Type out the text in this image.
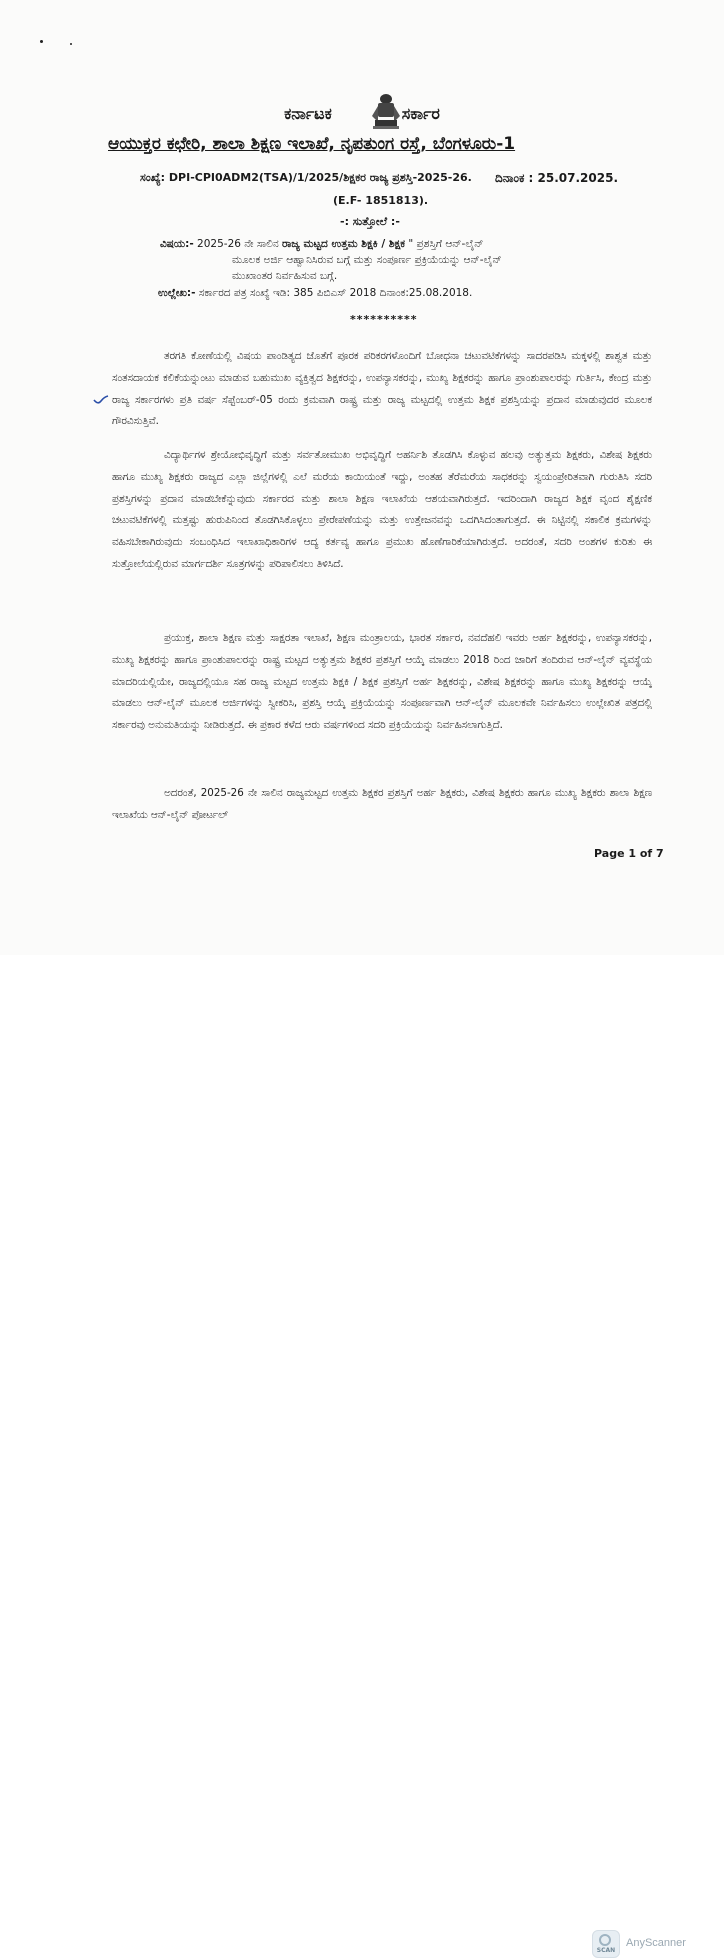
ಕರ್ನಾಟಕ	ಸರ್ಕಾರ
ಆಯುಕ್ತರ ಕಛೇರಿ, ಶಾಲಾ ಶಿಕ್ಷಣ ಇಲಾಖೆ, ನೃಪತುಂಗ ರಸ್ತೆ, ಬೆಂಗಳೂರು-1
ಸಂಖ್ಯೆ: DPI-CPI0ADM2(TSA)/1/2025/ಶಿಕ್ಷಕರ ರಾಜ್ಯ ಪ್ರಶಸ್ತಿ-2025-26. ದಿನಾಂಕ : 25.07.2025.
(E.F- 1851813).
-: ಸುತ್ತೋಲೆ :-
ವಿಷಯ:- 2025-26 ನೇ ಸಾಲಿನ ರಾಜ್ಯ ಮಟ್ಟದ ಉತ್ತಮ ಶಿಕ್ಷಕಿ / ಶಿಕ್ಷಕ " ಪ್ರಶಸ್ತಿಗೆ ಆನ್-ಲೈನ್
ಮೂಲಕ ಅರ್ಜಿ ಆಹ್ವಾನಿಸಿರುವ ಬಗ್ಗೆ ಮತ್ತು ಸಂಪೂರ್ಣ ಪ್ರಕ್ರಿಯೆಯನ್ನು ಆನ್-ಲೈನ್
ಮುಖಾಂತರ ನಿರ್ವಹಿಸುವ ಬಗ್ಗೆ.
ಉಲ್ಲೇಖ:- ಸರ್ಕಾರದ ಪತ್ರ ಸಂಖ್ಯೆ ಇಡಿ: 385 ಪಿಬಿಎಸ್ 2018 ದಿನಾಂಕ:25.08.2018.
**********
ತರಗತಿ ಕೋಣೆಯಲ್ಲಿ ವಿಷಯ ಪಾಂಡಿತ್ಯದ ಜೊತೆಗೆ ಪೂರಕ ಪರಿಕರಗಳೊಂದಿಗೆ ಬೋಧನಾ ಚಟುವಟಿಕೆಗಳನ್ನು ಸಾದರಪಡಿಸಿ ಮಕ್ಕಳಲ್ಲಿ ಶಾಶ್ವತ ಮತ್ತು ಸಂತಸದಾಯಕ ಕಲಿಕೆಯನ್ನುಂಟು ಮಾಡುವ ಬಹುಮುಖ ವ್ಯಕ್ತಿತ್ವದ ಶಿಕ್ಷಕರನ್ನು, ಉಪನ್ಯಾಸಕರನ್ನು, ಮುಖ್ಯ ಶಿಕ್ಷಕರನ್ನು ಹಾಗೂ ಪ್ರಾಂಶುಪಾಲರನ್ನು ಗುರ್ತಿಸಿ, ಕೇಂದ್ರ ಮತ್ತು ರಾಜ್ಯ ಸರ್ಕಾರಗಳು ಪ್ರತಿ ವರ್ಷ ಸೆಪ್ಟೆಂಬರ್-05 ರಂದು ಕ್ರಮವಾಗಿ ರಾಷ್ಟ್ರ ಮತ್ತು ರಾಜ್ಯ ಮಟ್ಟದಲ್ಲಿ ಉತ್ತಮ ಶಿಕ್ಷಕ ಪ್ರಶಸ್ತಿಯನ್ನು ಪ್ರದಾನ ಮಾಡುವುದರ ಮೂಲಕ ಗೌರವಿಸುತ್ತಿವೆ.
ವಿದ್ಯಾರ್ಥಿಗಳ ಶ್ರೇಯೋಭಿವೃದ್ಧಿಗೆ ಮತ್ತು ಸರ್ವತೋಮುಖ ಅಭಿವೃದ್ಧಿಗೆ ಅಹರ್ನಿಶಿ ತೊಡಗಿಸಿ ಕೊಳ್ಳುವ ಹಲವು ಅತ್ಯುತ್ತಮ ಶಿಕ್ಷಕರು, ವಿಶೇಷ ಶಿಕ್ಷಕರು ಹಾಗೂ ಮುಖ್ಯ ಶಿಕ್ಷಕರು ರಾಜ್ಯದ ಎಲ್ಲಾ ಜಿಲ್ಲೆಗಳಲ್ಲಿ ಎಲೆ ಮರೆಯ ಕಾಯಿಯಂತೆ ಇದ್ದು, ಅಂತಹ ತೆರೆಮರೆಯ ಸಾಧಕರನ್ನು ಸ್ವಯಂಪ್ರೇರಿತವಾಗಿ ಗುರುತಿಸಿ ಸದರಿ ಪ್ರಶಸ್ತಿಗಳನ್ನು ಪ್ರದಾನ ಮಾಡಬೇಕೆನ್ನುವುದು ಸರ್ಕಾರದ ಮತ್ತು ಶಾಲಾ ಶಿಕ್ಷಣ ಇಲಾಖೆಯ ಆಶಯವಾಗಿರುತ್ತದೆ. ಇದರಿಂದಾಗಿ ರಾಜ್ಯದ ಶಿಕ್ಷಕ ವೃಂದ ಶೈಕ್ಷಣಿಕ ಚಟುವಟಿಕೆಗಳಲ್ಲಿ ಮತ್ತಷ್ಟು ಹುರುಪಿನಿಂದ ತೊಡಗಿಸಿಕೊಳ್ಳಲು ಪ್ರೇರೇಪಣೆಯನ್ನು ಮತ್ತು ಉತ್ತೇಜನವನ್ನು ಒದಗಿಸಿದಂತಾಗುತ್ತದೆ. ಈ ನಿಟ್ಟಿನಲ್ಲಿ ಸಕಾಲಿಕ ಕ್ರಮಗಳನ್ನು ವಹಿಸಬೇಕಾಗಿರುವುದು ಸಂಬಂಧಿಸಿದ ಇಲಾಖಾಧಿಕಾರಿಗಳ ಆದ್ಯ ಕರ್ತವ್ಯ ಹಾಗೂ ಪ್ರಮುಖ ಹೊಣೆಗಾರಿಕೆಯಾಗಿರುತ್ತದೆ. ಅದರಂತೆ, ಸದರಿ ಅಂಶಗಳ ಕುರಿತು ಈ ಸುತ್ತೋಲೆಯಲ್ಲಿರುವ ಮಾರ್ಗದರ್ಶಿ ಸೂತ್ರಗಳನ್ನು ಪರಿಪಾಲಿಸಲು ತಿಳಿಸಿದೆ.
ಪ್ರಯುಕ್ತ, ಶಾಲಾ ಶಿಕ್ಷಣ ಮತ್ತು ಸಾಕ್ಷರತಾ ಇಲಾಖೆ, ಶಿಕ್ಷಣ ಮಂತ್ರಾಲಯ, ಭಾರತ ಸರ್ಕಾರ, ನವದೆಹಲಿ ಇವರು ಅರ್ಹ ಶಿಕ್ಷಕರನ್ನು, ಉಪನ್ಯಾಸಕರನ್ನು, ಮುಖ್ಯ ಶಿಕ್ಷಕರನ್ನು ಹಾಗೂ ಪ್ರಾಂಶುಪಾಲರನ್ನು ರಾಷ್ಟ್ರ ಮಟ್ಟದ ಅತ್ಯುತ್ತಮ ಶಿಕ್ಷಕರ ಪ್ರಶಸ್ತಿಗೆ ಆಯ್ಕೆ ಮಾಡಲು 2018 ರಿಂದ ಜಾರಿಗೆ ತಂದಿರುವ ಆನ್-ಲೈನ್ ವ್ಯವಸ್ಥೆಯ ಮಾದರಿಯಲ್ಲಿಯೇ, ರಾಜ್ಯದಲ್ಲಿಯೂ ಸಹ ರಾಜ್ಯ ಮಟ್ಟದ ಉತ್ತಮ ಶಿಕ್ಷಕಿ / ಶಿಕ್ಷಕ ಪ್ರಶಸ್ತಿಗೆ ಅರ್ಹ ಶಿಕ್ಷಕರನ್ನು, ವಿಶೇಷ ಶಿಕ್ಷಕರನ್ನು ಹಾಗೂ ಮುಖ್ಯ ಶಿಕ್ಷಕರನ್ನು ಆಯ್ಕೆ ಮಾಡಲು ಆನ್-ಲೈನ್ ಮೂಲಕ ಅರ್ಜಿಗಳನ್ನು ಸ್ವೀಕರಿಸಿ, ಪ್ರಶಸ್ತಿ ಆಯ್ಕೆ ಪ್ರಕ್ರಿಯೆಯನ್ನು ಸಂಪೂರ್ಣವಾಗಿ ಆನ್-ಲೈನ್ ಮೂಲಕವೇ ನಿರ್ವಹಿಸಲು ಉಲ್ಲೇಖಿತ ಪತ್ರದಲ್ಲಿ ಸರ್ಕಾರವು ಅನುಮತಿಯನ್ನು ನೀಡಿರುತ್ತದೆ. ಈ ಪ್ರಕಾರ ಕಳೆದ ಆರು ವರ್ಷಗಳಿಂದ ಸದರಿ ಪ್ರಕ್ರಿಯೆಯನ್ನು ನಿರ್ವಹಿಸಲಾಗುತ್ತಿದೆ.
ಅದರಂತೆ, 2025-26 ನೇ ಸಾಲಿನ ರಾಜ್ಯಮಟ್ಟದ ಉತ್ತಮ ಶಿಕ್ಷಕರ ಪ್ರಶಸ್ತಿಗೆ ಅರ್ಹ ಶಿಕ್ಷಕರು, ವಿಶೇಷ ಶಿಕ್ಷಕರು ಹಾಗೂ ಮುಖ್ಯ ಶಿಕ್ಷಕರು ಶಾಲಾ ಶಿಕ್ಷಣ ಇಲಾಖೆಯ ಆನ್-ಲೈನ್ ಪೋರ್ಟಲ್
Page 1 of 7
SCAN
AnyScanner
